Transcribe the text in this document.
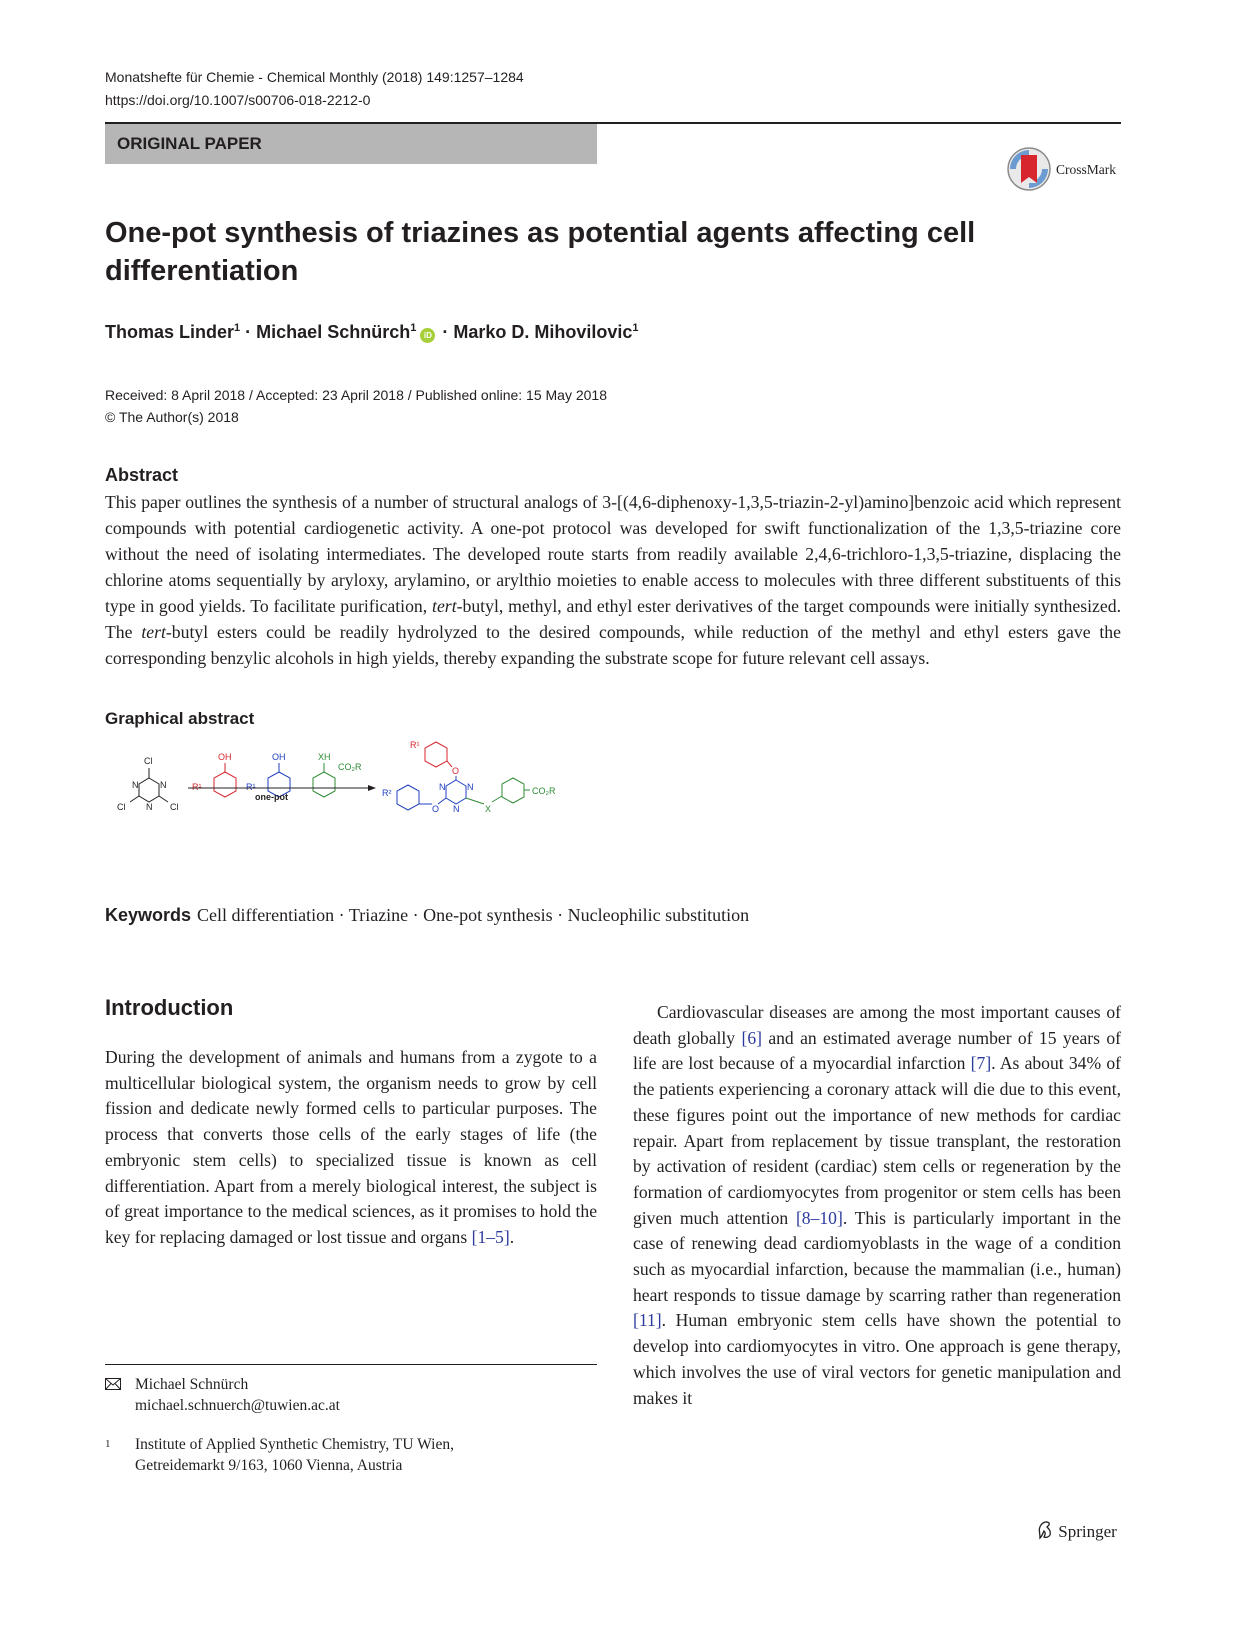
Monatshefte für Chemie - Chemical Monthly (2018) 149:1257–1284
https://doi.org/10.1007/s00706-018-2212-0
ORIGINAL PAPER
CrossMark
One-pot synthesis of triazines as potential agents affecting cell differentiation
Thomas Linder$^1$ · Michael Schnürch$^1$iD · Marko D. Mihovilovic$^1$
Received: 8 April 2018 / Accepted: 23 April 2018 / Published online: 15 May 2018
© The Author(s) 2018
Abstract
This paper outlines the synthesis of a number of structural analogs of 3-[(4,6-diphenoxy-1,3,5-triazin-2-yl)amino]benzoic acid which represent compounds with potential cardiogenetic activity. A one-pot protocol was developed for swift functionalization of the 1,3,5-triazine core without the need of isolating intermediates. The developed route starts from readily available 2,4,6-trichloro-1,3,5-triazine, displacing the chlorine atoms sequentially by aryloxy, arylamino, or arylthio moieties to enable access to molecules with three different substituents of this type in good yields. To facilitate purification, tert-butyl, methyl, and ethyl ester derivatives of the target compounds were initially synthesized. The tert-butyl esters could be readily hydrolyzed to the desired compounds, while reduction of the methyl and ethyl esters gave the corresponding benzylic alcohols in high yields, thereby expanding the substrate scope for future relevant cell assays.
Graphical abstract
Cl
Cl
Cl
N N
N
OH
R¹
OH
R¹
XH
CO₂R
one-pot
R¹
O
N N
N
R²
O	X
CO₂R
Keywords Cell differentiation · Triazine · One-pot synthesis · Nucleophilic substitution
Introduction
During the development of animals and humans from a zygote to a multicellular biological system, the organism needs to grow by cell fission and dedicate newly formed cells to particular purposes. The process that converts those cells of the early stages of life (the embryonic stem cells) to specialized tissue is known as cell differentiation. Apart from a merely biological interest, the subject is of great importance to the medical sciences, as it promises to hold the key for replacing damaged or lost tissue and organs [1–5].
Cardiovascular diseases are among the most important causes of death globally [6] and an estimated average number of 15 years of life are lost because of a myocardial infarction [7]. As about 34% of the patients experiencing a coronary attack will die due to this event, these figures point out the importance of new methods for cardiac repair. Apart from replacement by tissue transplant, the restoration by activation of resident (cardiac) stem cells or regeneration by the formation of cardiomyocytes from progenitor or stem cells has been given much attention [8–10]. This is particularly important in the case of renewing dead cardiomyoblasts in the wage of a condition such as myocardial infarction, because the mammalian (i.e., human) heart responds to tissue damage by scarring rather than regeneration [11]. Human embryonic stem cells have shown the potential to develop into cardiomyocytes in vitro. One approach is gene therapy, which involves the use of viral vectors for genetic manipulation and makes it
Michael Schnürch
michael.schnuerch@tuwien.ac.at
1	Institute of Applied Synthetic Chemistry, TU Wien,
Getreidemarkt 9/163, 1060 Vienna, Austria
Springer
